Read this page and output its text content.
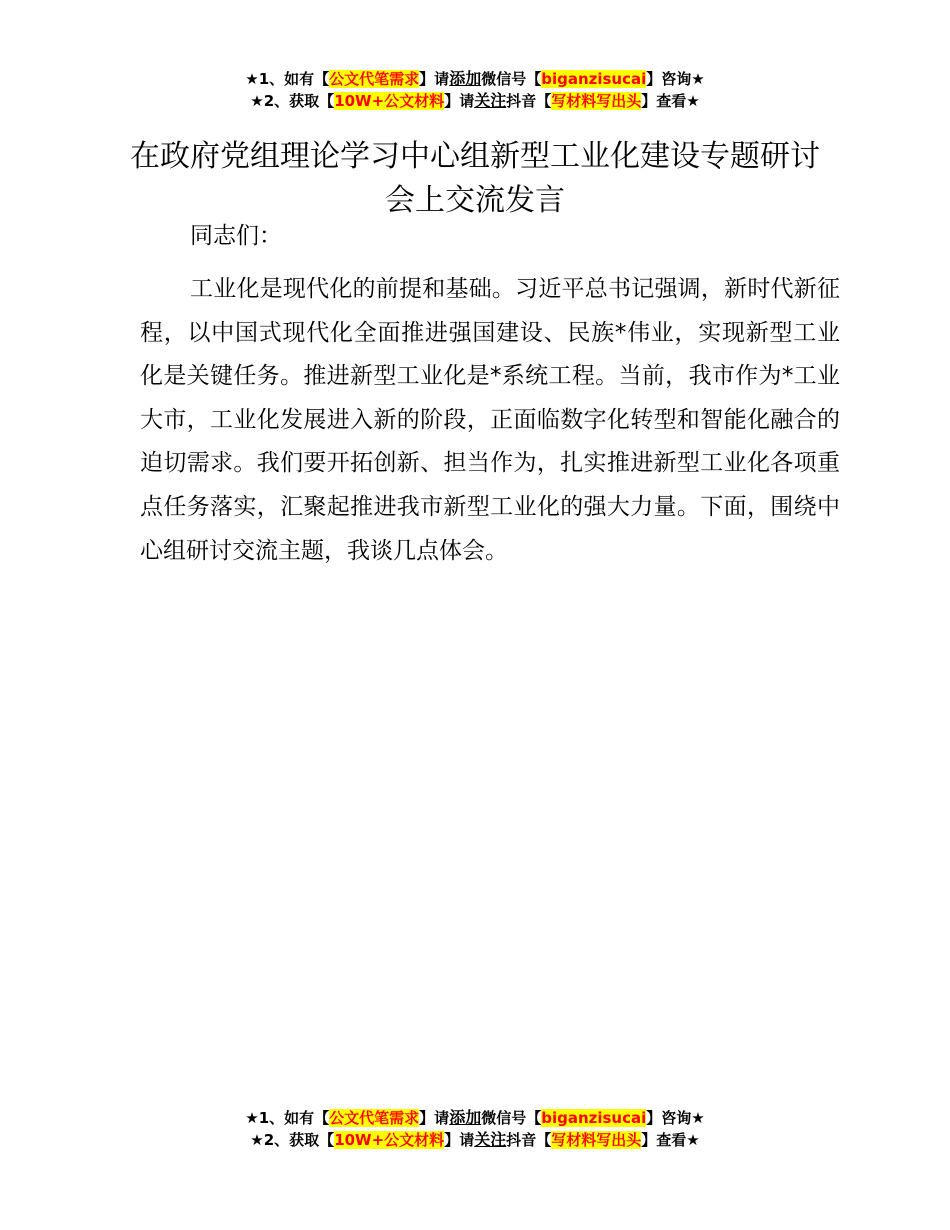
★1、如有【公文代笔需求】请添加微信号【biganzisucai】咨询★
★2、获取【10W+公文材料】请关注抖音【写材料写出头】查看★
在政府党组理论学习中心组新型工业化建设专题研讨会上交流发言
同志们：

工业化是现代化的前提和基础。习近平总书记强调，新时代新征程，以中国式现代化全面推进强国建设、民族*伟业，实现新型工业化是关键任务。推进新型工业化是*系统工程。当前，我市作为*工业大市，工业化发展进入新的阶段，正面临数字化转型和智能化融合的迫切需求。我们要开拓创新、担当作为，扎实推进新型工业化各项重点任务落实，汇聚起推进我市新型工业化的强大力量。下面，围绕中心组研讨交流主题，我谈几点体会。

★1、如有【公文代笔需求】请添加微信号【biganzisucai】咨询★
★2、获取【10W+公文材料】请关注抖音【写材料写出头】查看★
